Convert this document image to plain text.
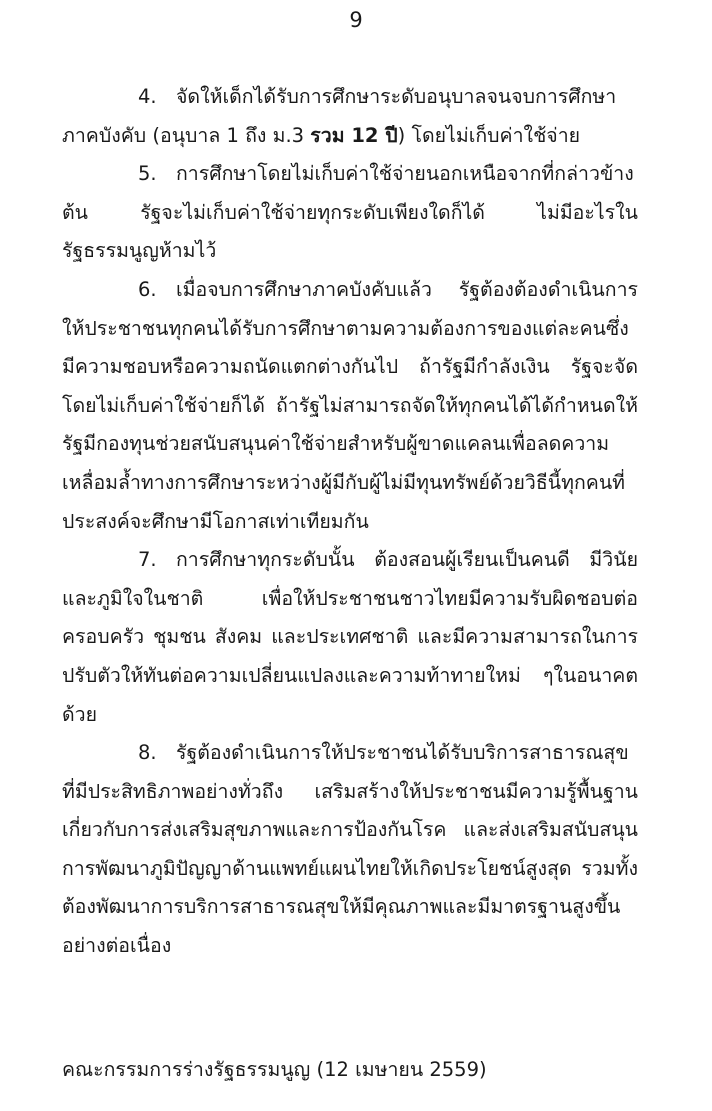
9

4. จัดให้เด็กได้รับการศึกษาระดับอนุบาลจนจบการศึกษาภาคบังคับ (อนุบาล 1 ถึง ม.3 รวม 12 ปี) โดยไม่เก็บค่าใช้จ่าย

5. การศึกษาโดยไม่เก็บค่าใช้จ่ายนอกเหนือจากที่กล่าวข้างต้น รัฐจะไม่เก็บค่าใช้จ่ายทุกระดับเพียงใดก็ได้ ไม่มีอะไรในรัฐธรรมนูญห้ามไว้

6. เมื่อจบการศึกษาภาคบังคับแล้ว รัฐต้องต้องดำเนินการให้ประชาชนทุกคนได้รับการศึกษาตามความต้องการของแต่ละคนซึ่งมีความชอบหรือความถนัดแตกต่างกันไป ถ้ารัฐมีกำลังเงิน รัฐจะจัดโดยไม่เก็บค่าใช้จ่ายก็ได้ ถ้ารัฐไม่สามารถจัดให้ทุกคนได้ได้กำหนดให้รัฐมีกองทุนช่วยสนับสนุนค่าใช้จ่ายสำหรับผู้ขาดแคลนเพื่อลดความเหลื่อมล้ำทางการศึกษาระหว่างผู้มีกับผู้ไม่มีทุนทรัพย์ด้วยวิธีนี้ทุกคนที่ประสงค์จะศึกษามีโอกาสเท่าเทียมกัน

7. การศึกษาทุกระดับนั้น ต้องสอนผู้เรียนเป็นคนดี มีวินัยและภูมิใจในชาติ เพื่อให้ประชาชนชาวไทยมีความรับผิดชอบต่อครอบครัว ชุมชน สังคม และประเทศชาติ และมีความสามารถในการปรับตัวให้ทันต่อความเปลี่ยนแปลงและความท้าทายใหม่ ๆในอนาคตด้วย

8. รัฐต้องดำเนินการให้ประชาชนได้รับบริการสาธารณสุขที่มีประสิทธิภาพอย่างทั่วถึง เสริมสร้างให้ประชาชนมีความรู้พื้นฐานเกี่ยวกับการส่งเสริมสุขภาพและการป้องกันโรค และส่งเสริมสนับสนุนการพัฒนาภูมิปัญญาด้านแพทย์แผนไทยให้เกิดประโยชน์สูงสุด รวมทั้งต้องพัฒนาการบริการสาธารณสุขให้มีคุณภาพและมีมาตรฐานสูงขึ้นอย่างต่อเนื่อง

คณะกรรมการร่างรัฐธรรมนูญ (12 เมษายน 2559)
